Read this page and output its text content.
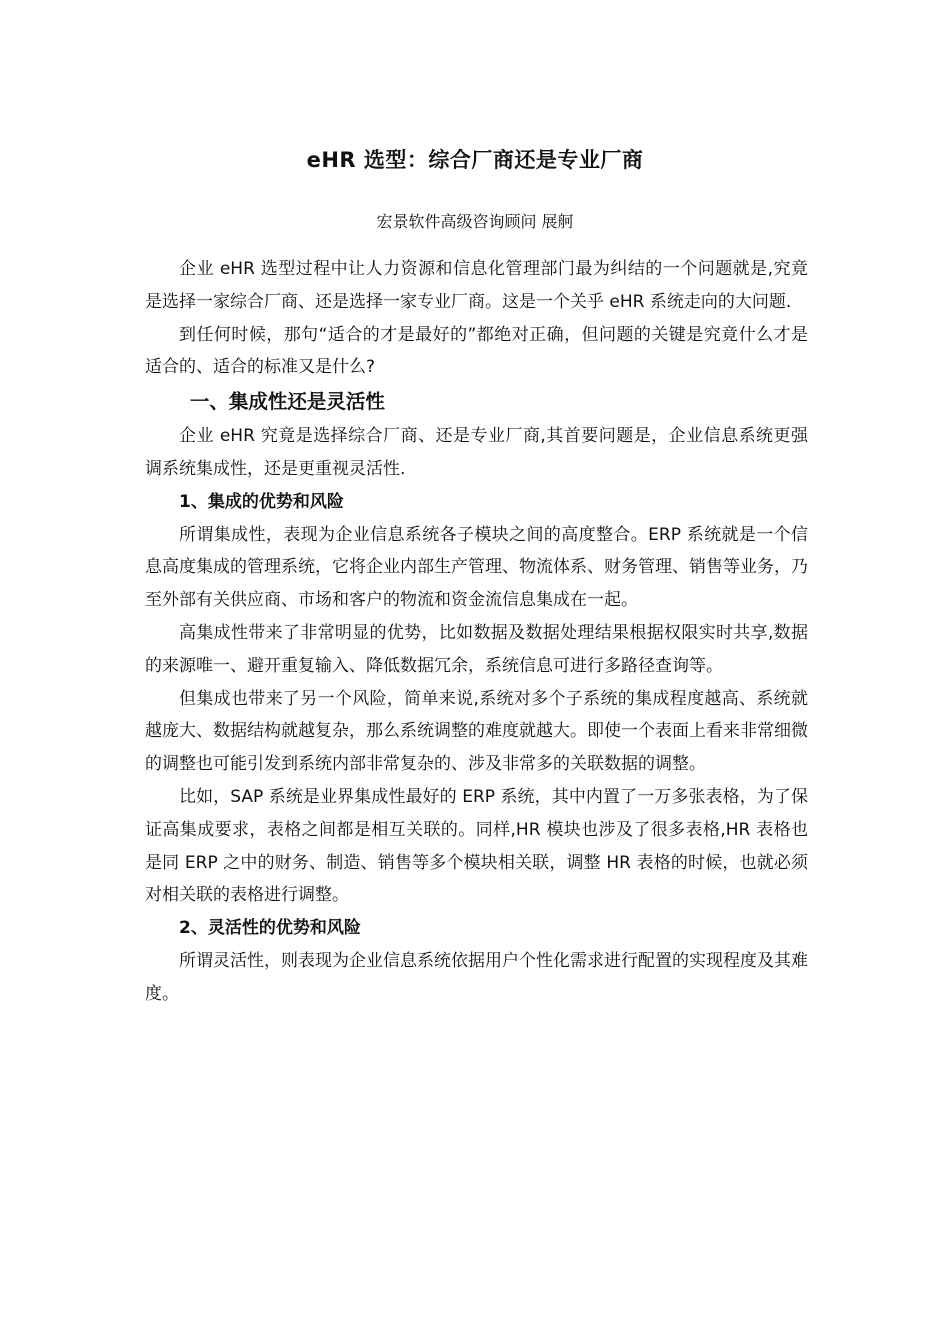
eHR 选型：综合厂商还是专业厂商
宏景软件高级咨询顾问 展舸

企业 eHR 选型过程中让人力资源和信息化管理部门最为纠结的一个问题就是,究竟是选择一家综合厂商、还是选择一家专业厂商。这是一个关乎 eHR 系统走向的大问题.

到任何时候，那句“适合的才是最好的”都绝对正确，但问题的关键是究竟什么才是适合的、适合的标准又是什么?

一、集成性还是灵活性

企业 eHR 究竟是选择综合厂商、还是专业厂商,其首要问题是，企业信息系统更强调系统集成性，还是更重视灵活性.

1、集成的优势和风险

所谓集成性，表现为企业信息系统各子模块之间的高度整合。ERP 系统就是一个信息高度集成的管理系统，它将企业内部生产管理、物流体系、财务管理、销售等业务，乃至外部有关供应商、市场和客户的物流和资金流信息集成在一起。

高集成性带来了非常明显的优势，比如数据及数据处理结果根据权限实时共享,数据的来源唯一、避开重复输入、降低数据冗余，系统信息可进行多路径查询等。

但集成也带来了另一个风险，简单来说,系统对多个子系统的集成程度越高、系统就越庞大、数据结构就越复杂，那么系统调整的难度就越大。即使一个表面上看来非常细微的调整也可能引发到系统内部非常复杂的、涉及非常多的关联数据的调整。

比如，SAP 系统是业界集成性最好的 ERP 系统，其中内置了一万多张表格，为了保证高集成要求，表格之间都是相互关联的。同样,HR 模块也涉及了很多表格,HR 表格也是同 ERP 之中的财务、制造、销售等多个模块相关联，调整 HR 表格的时候，也就必须对相关联的表格进行调整。

2、灵活性的优势和风险

所谓灵活性，则表现为企业信息系统依据用户个性化需求进行配置的实现程度及其难度。
